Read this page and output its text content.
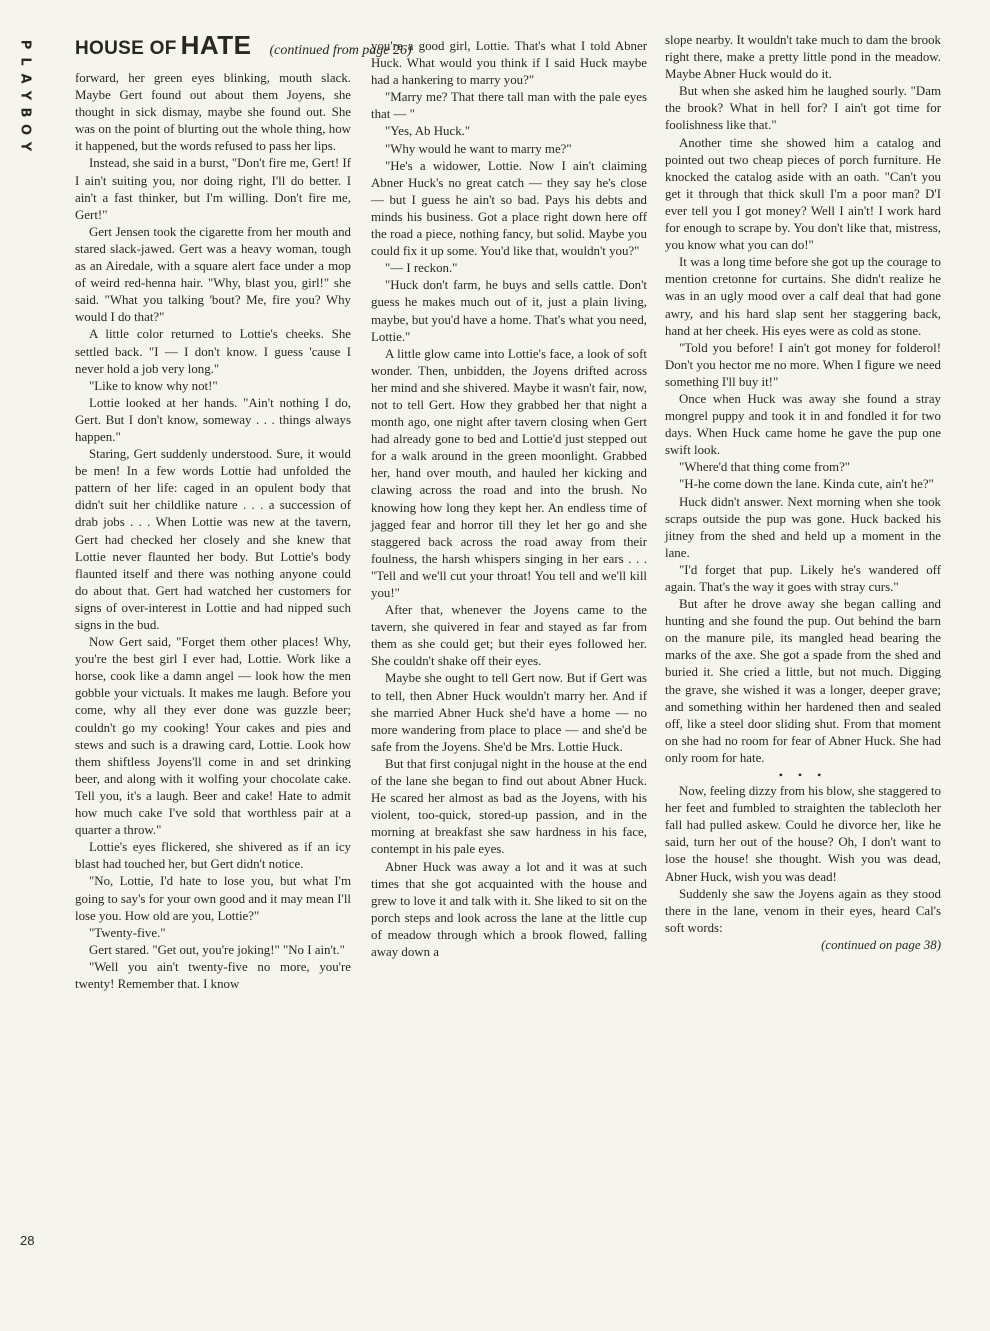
P
L
A
Y
B
O
Y
HOUSE OF HATE (continued from page 26)

forward, her green eyes blinking, mouth slack. Maybe Gert found out about them Joyens, she thought in sick dismay, maybe she found out. She was on the point of blurting out the whole thing, how it happened, but the words refused to pass her lips.

Instead, she said in a burst, "Don't fire me, Gert! If I ain't suiting you, nor doing right, I'll do better. I ain't a fast thinker, but I'm willing. Don't fire me, Gert!"

Gert Jensen took the cigarette from her mouth and stared slack-jawed. Gert was a heavy woman, tough as an Airedale, with a square alert face under a mop of weird red-henna hair. "Why, blast you, girl!" she said. "What you talking 'bout? Me, fire you? Why would I do that?"

A little color returned to Lottie's cheeks. She settled back. "I — I don't know. I guess 'cause I never hold a job very long."

"Like to know why not!"

Lottie looked at her hands. "Ain't nothing I do, Gert. But I don't know, someway . . . things always happen."

Staring, Gert suddenly understood. Sure, it would be men! In a few words Lottie had unfolded the pattern of her life: caged in an opulent body that didn't suit her childlike nature . . . a succession of drab jobs . . . When Lottie was new at the tavern, Gert had checked her closely and she knew that Lottie never flaunted her body. But Lottie's body flaunted itself and there was nothing anyone could do about that. Gert had watched her customers for signs of over-interest in Lottie and had nipped such signs in the bud.

Now Gert said, "Forget them other places! Why, you're the best girl I ever had, Lottie. Work like a horse, cook like a damn angel — look how the men gobble your victuals. It makes me laugh. Before you come, why all they ever done was guzzle beer; couldn't go my cooking! Your cakes and pies and stews and such is a drawing card, Lottie. Look how them shiftless Joyens'll come in and set drinking beer, and along with it wolfing your chocolate cake. Tell you, it's a laugh. Beer and cake! Hate to admit how much cake I've sold that worthless pair at a quarter a throw."

Lottie's eyes flickered, she shivered as if an icy blast had touched her, but Gert didn't notice.

"No, Lottie, I'd hate to lose you, but what I'm going to say's for your own good and it may mean I'll lose you. How old are you, Lottie?"

"Twenty-five."

Gert stared. "Get out, you're joking!" "No I ain't."

"Well you ain't twenty-five no more, you're twenty! Remember that. I know

you're a good girl, Lottie. That's what I told Abner Huck. What would you think if I said Huck maybe had a hankering to marry you?"

"Marry me? That there tall man with the pale eyes that — "

"Yes, Ab Huck."

"Why would he want to marry me?"

"He's a widower, Lottie. Now I ain't claiming Abner Huck's no great catch — they say he's close — but I guess he ain't so bad. Pays his debts and minds his business. Got a place right down here off the road a piece, nothing fancy, but solid. Maybe you could fix it up some. You'd like that, wouldn't you?"

"— I reckon."

"Huck don't farm, he buys and sells cattle. Don't guess he makes much out of it, just a plain living, maybe, but you'd have a home. That's what you need, Lottie."

A little glow came into Lottie's face, a look of soft wonder. Then, unbidden, the Joyens drifted across her mind and she shivered. Maybe it wasn't fair, now, not to tell Gert. How they grabbed her that night a month ago, one night after tavern closing when Gert had already gone to bed and Lottie'd just stepped out for a walk around in the green moonlight. Grabbed her, hand over mouth, and hauled her kicking and clawing across the road and into the brush. No knowing how long they kept her. An endless time of jagged fear and horror till they let her go and she staggered back across the road away from their foulness, the harsh whispers singing in her ears . . . "Tell and we'll cut your throat! You tell and we'll kill you!"

After that, whenever the Joyens came to the tavern, she quivered in fear and stayed as far from them as she could get; but their eyes followed her. She couldn't shake off their eyes.

Maybe she ought to tell Gert now. But if Gert was to tell, then Abner Huck wouldn't marry her. And if she married Abner Huck she'd have a home — no more wandering from place to place — and she'd be safe from the Joyens. She'd be Mrs. Lottie Huck.

But that first conjugal night in the house at the end of the lane she began to find out about Abner Huck. He scared her almost as bad as the Joyens, with his violent, too-quick, stored-up passion, and in the morning at breakfast she saw hardness in his face, contempt in his pale eyes.

Abner Huck was away a lot and it was at such times that she got acquainted with the house and grew to love it and talk with it. She liked to sit on the porch steps and look across the lane at the little cup of meadow through which a brook flowed, falling away down a

slope nearby. It wouldn't take much to dam the brook right there, make a pretty little pond in the meadow. Maybe Abner Huck would do it.

But when she asked him he laughed sourly. "Dam the brook? What in hell for? I ain't got time for foolishness like that."

Another time she showed him a catalog and pointed out two cheap pieces of porch furniture. He knocked the catalog aside with an oath. "Can't you get it through that thick skull I'm a poor man? D'I ever tell you I got money? Well I ain't! I work hard for enough to scrape by. You don't like that, mistress, you know what you can do!"

It was a long time before she got up the courage to mention cretonne for curtains. She didn't realize he was in an ugly mood over a calf deal that had gone awry, and his hard slap sent her staggering back, hand at her cheek. His eyes were as cold as stone.

"Told you before! I ain't got money for folderol! Don't you hector me no more. When I figure we need something I'll buy it!"

Once when Huck was away she found a stray mongrel puppy and took it in and fondled it for two days. When Huck came home he gave the pup one swift look.

"Where'd that thing come from?"

"H-he come down the lane. Kinda cute, ain't he?"

Huck didn't answer. Next morning when she took scraps outside the pup was gone. Huck backed his jitney from the shed and held up a moment in the lane.

"I'd forget that pup. Likely he's wandered off again. That's the way it goes with stray curs."

But after he drove away she began calling and hunting and she found the pup. Out behind the barn on the manure pile, its mangled head bearing the marks of the axe. She got a spade from the shed and buried it. She cried a little, but not much. Digging the grave, she wished it was a longer, deeper grave; and something within her hardened then and sealed off, like a steel door sliding shut. From that moment on she had no room for fear of Abner Huck. She had only room for hate.

• • •

Now, feeling dizzy from his blow, she staggered to her feet and fumbled to straighten the tablecloth her fall had pulled askew. Could he divorce her, like he said, turn her out of the house? Oh, I don't want to lose the house! she thought. Wish you was dead, Abner Huck, wish you was dead!

Suddenly she saw the Joyens again as they stood there in the lane, venom in their eyes, heard Cal's soft words:

(continued on page 38)

28
